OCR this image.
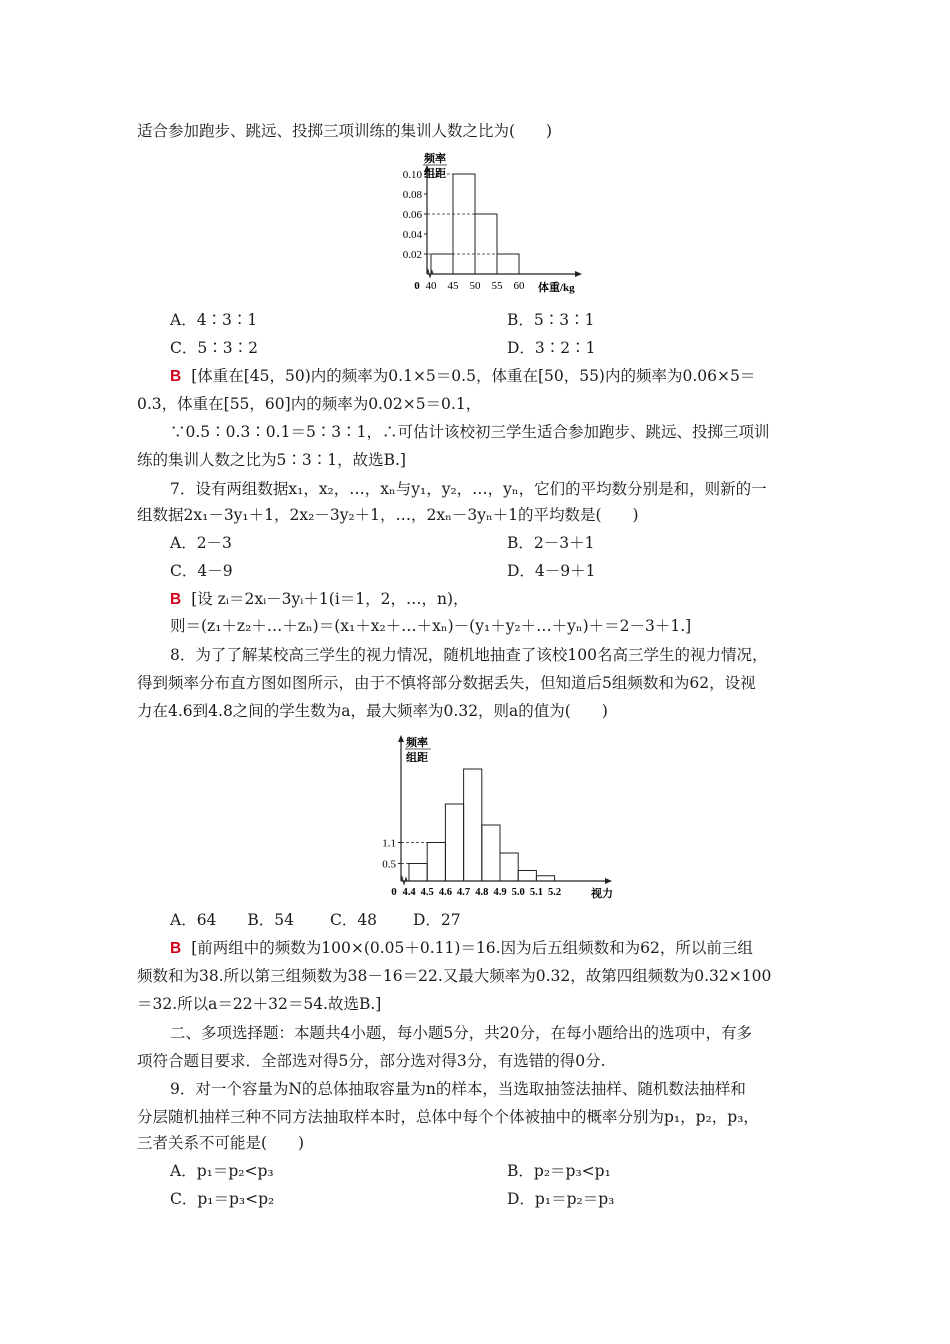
适合参加跑步、跳远、投掷三项训练的集训人数之比为(　　)
0.10
0.08
0.06
0.04
0.02
40 45 50 55 60
0	体重/kg
频率
组距
A．4∶3∶1	B．5∶3∶1
C．5∶3∶2	D．3∶2∶1
B [体重在[45，50)内的频率为0.1×5＝0.5，体重在[50，55)内的频率为0.06×5＝
0.3，体重在[55，60]内的频率为0.02×5＝0.1，
∵0.5∶0.3∶0.1＝5∶3∶1，∴可估计该校初三学生适合参加跑步、跳远、投掷三项训
练的集训人数之比为5∶3∶1，故选B.]
7．设有两组数据x₁，x₂，…，xₙ与y₁，y₂，…，yₙ，它们的平均数分别是和，则新的一
组数据2x₁－3y₁＋1，2x₂－3y₂＋1，…，2xₙ－3yₙ＋1的平均数是(　　)
A．2－3	B．2－3＋1
C．4－9	D．4－9＋1
B [设 zᵢ＝2xᵢ－3yᵢ＋1(i＝1，2，…，n)，
则＝(z₁＋z₂＋…＋zₙ)＝(x₁＋x₂＋…＋xₙ)－(y₁＋y₂＋…＋yₙ)＋＝2－3＋1.]
8．为了了解某校高三学生的视力情况，随机地抽查了该校100名高三学生的视力情况，
得到频率分布直方图如图所示，由于不慎将部分数据丢失，但知道后5组频数和为62，设视
力在4.6到4.8之间的学生数为a，最大频率为0.32，则a的值为(　　)
1.1
0.5
4.4 4.5 4.6 4.7 4.8 4.9 5.0 5.1 5.2
0	视力
频率
组距
A．64　　B．54　　 C．48　　 D．27
B [前两组中的频数为100×(0.05＋0.11)＝16.因为后五组频数和为62，所以前三组
频数和为38.所以第三组频数为38－16＝22.又最大频率为0.32，故第四组频数为0.32×100
＝32.所以a＝22＋32＝54.故选B.]
二、多项选择题：本题共4小题，每小题5分，共20分，在每小题给出的选项中，有多
项符合题目要求．全部选对得5分，部分选对得3分，有选错的得0分.
9．对一个容量为N的总体抽取容量为n的样本，当选取抽签法抽样、随机数法抽样和
分层随机抽样三种不同方法抽取样本时，总体中每个个体被抽中的概率分别为p₁，p₂，p₃，
三者关系不可能是(　　)
A．p₁＝p₂<p₃	B．p₂＝p₃<p₁
C．p₁＝p₃<p₂	D．p₁＝p₂＝p₃
